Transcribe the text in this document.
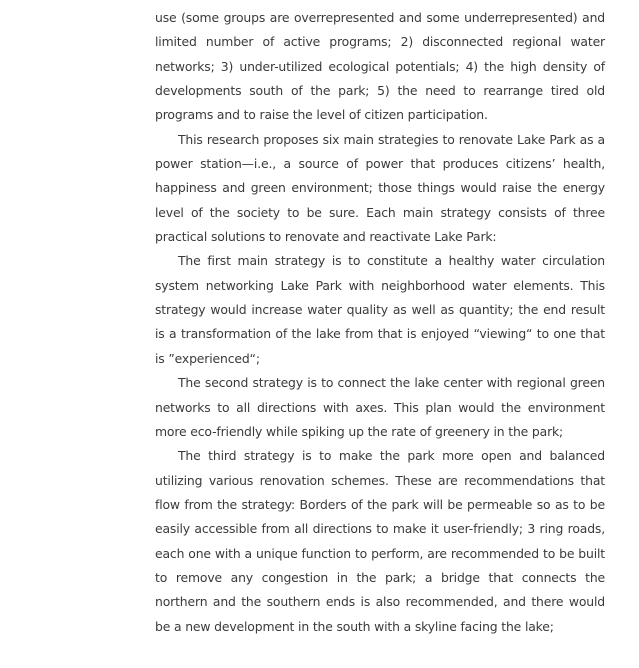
use (some groups are overrepresented and some underrepresented) and limited number of active programs; 2) disconnected regional water networks; 3) under-utilized ecological potentials; 4) the high density of developments south of the park; 5) the need to rearrange tired old programs and to raise the level of citizen participation.

This research proposes six main strategies to renovate Lake Park as a power station—i.e., a source of power that produces citizens’ health, happiness and green environment; those things would raise the energy level of the society to be sure. Each main strategy consists of three practical solutions to renovate and reactivate Lake Park:

The first main strategy is to constitute a healthy water circulation system networking Lake Park with neighborhood water elements. This strategy would increase water quality as well as quantity; the end result is a transformation of the lake from that is enjoyed “viewing“ to one that is ”experienced“;

The second strategy is to connect the lake center with regional green networks to all directions with axes. This plan would the environment more eco-friendly while spiking up the rate of greenery in the park;

The third strategy is to make the park more open and balanced utilizing various renovation schemes. These are recommendations that flow from the strategy: Borders of the park will be permeable so as to be easily accessible from all directions to make it user-friendly; 3 ring roads, each one with a unique function to perform, are recommended to be built to remove any congestion in the park; a bridge that connects the northern and the southern ends is also recommended, and there would be a new development in the south with a skyline facing the lake;
